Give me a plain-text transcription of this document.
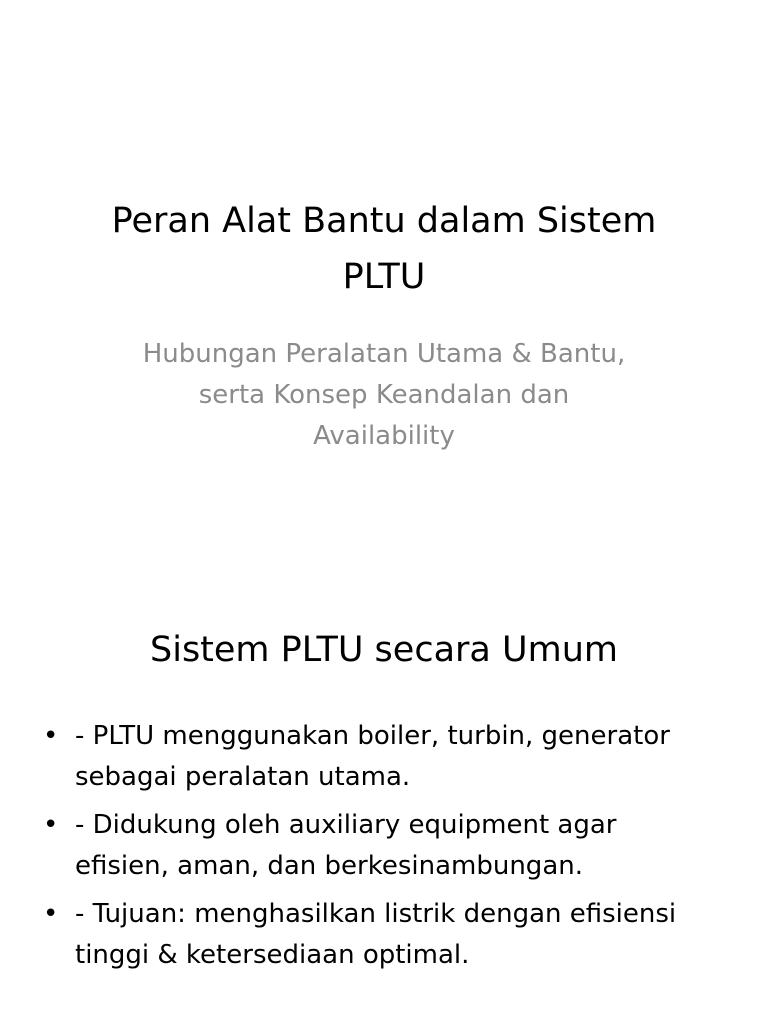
Peran Alat Bantu dalam Sistem
PLTU

Hubungan Peralatan Utama & Bantu,
serta Konsep Keandalan dan
Availability

Sistem PLTU secara Umum
• - PLTU menggunakan boiler, turbin, generator
sebagai peralatan utama.
• - Didukung oleh auxiliary equipment agar
efisien, aman, dan berkesinambungan.
• - Tujuan: menghasilkan listrik dengan efisiensi
tinggi & ketersediaan optimal.
